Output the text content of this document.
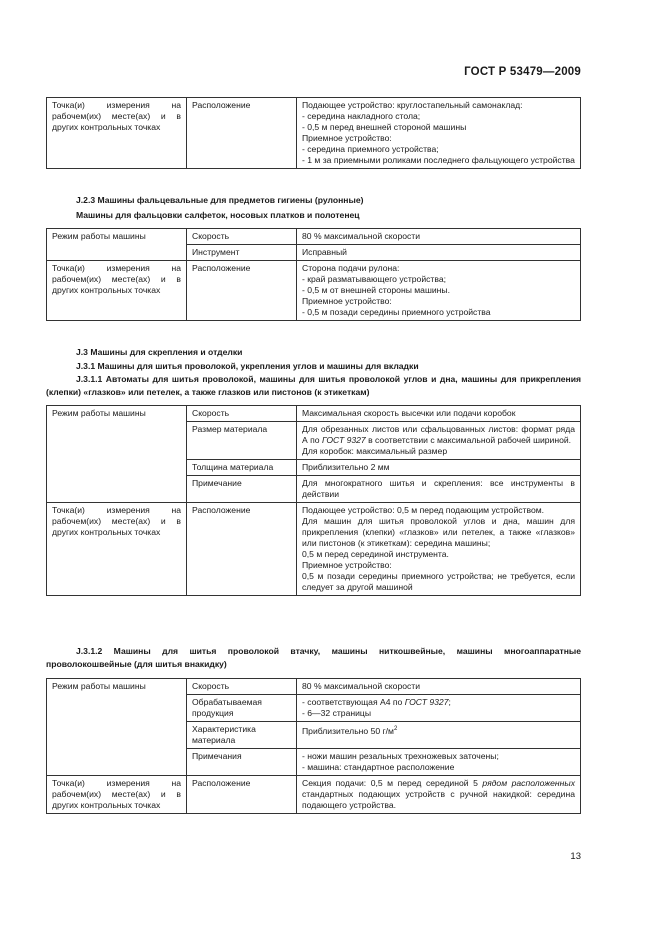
ГОСТ Р 53479—2009
Точка(и) измерения на рабочем(их) месте(ах) и в других контрольных точках	Расположение	Подающее устройство: круглостапельный самонаклад:
- середина накладного стола;
- 0,5 м перед внешней стороной машины
Приемное устройство:
- середина приемного устройства;
- 1 м за приемными роликами последнего фальцующего устройства
J.2.3 Машины фальцевальные для предметов гигиены (рулонные)
Машины для фальцовки салфеток, носовых платков и полотенец
Режим работы машины	Скорость	80 % максимальной скорости
	Инструмент	Исправный
Точка(и) измерения на рабочем(их) месте(ах) и в других контрольных точках	Расположение	Сторона подачи рулона:
- край разматывающего устройства;
- 0,5 м от внешней стороны машины.
Приемное устройство:
- 0,5 м позади середины приемного устройства
J.3 Машины для скрепления и отделки
J.3.1 Машины для шитья проволокой, укрепления углов и машины для вкладки
J.3.1.1 Автоматы для шитья проволокой, машины для шитья проволокой углов и дна, машины для прикрепления (клепки) «глазков» или петелек, а также глазков или пистонов (к этикеткам)
Режим работы машины	Скорость	Максимальная скорость высечки или подачи коробок
	Размер материала	Для обрезанных листов или сфальцованных листов: формат ряда А по ГОСТ 9327 в соответствии с максимальной рабочей шириной.
Для коробок: максимальный размер

	Толщина материала	Приблизительно 2 мм
	Примечание	Для многократного шитья и скрепления: все инструменты в действии
Точка(и) измерения на рабочем(их) месте(ах) и в других контрольных точках	Расположение	Подающее устройство: 0,5 м перед подающим устройством.
Для машин для шитья проволокой углов и дна, машин для прикрепления (клепки) «глазков» или петелек, а также «глазков» или пистонов (к этикеткам): середина машины;
0,5 м перед серединой инструмента.
Приемное устройство:
0,5 м позади середины приемного устройства; не требуется, если следует за другой машиной
J.3.1.2 Машины для шитья проволокой втачку, машины ниткошвейные, машины многоаппаратные проволокошвейные (для шитья внакидку)
Режим работы машины	Скорость	80 % максимальной скорости
	Обрабатываемая продукция	- соответствующая А4 по ГОСТ 9327;
- 6—32 страницы

	Характеристика материала	Приблизительно 50 $г/м^2$
	Примечания	- ножи машин резальных трехножевых заточены;
- машина: стандартное расположение

Точка(и) измерения на рабочем(их) месте(ах) и в других контрольных точках	Расположение	Секция подачи: 0,5 м перед серединой 5 рядом расположенных стандартных подающих устройств с ручной накидкой: середина подающего устройства.
13
